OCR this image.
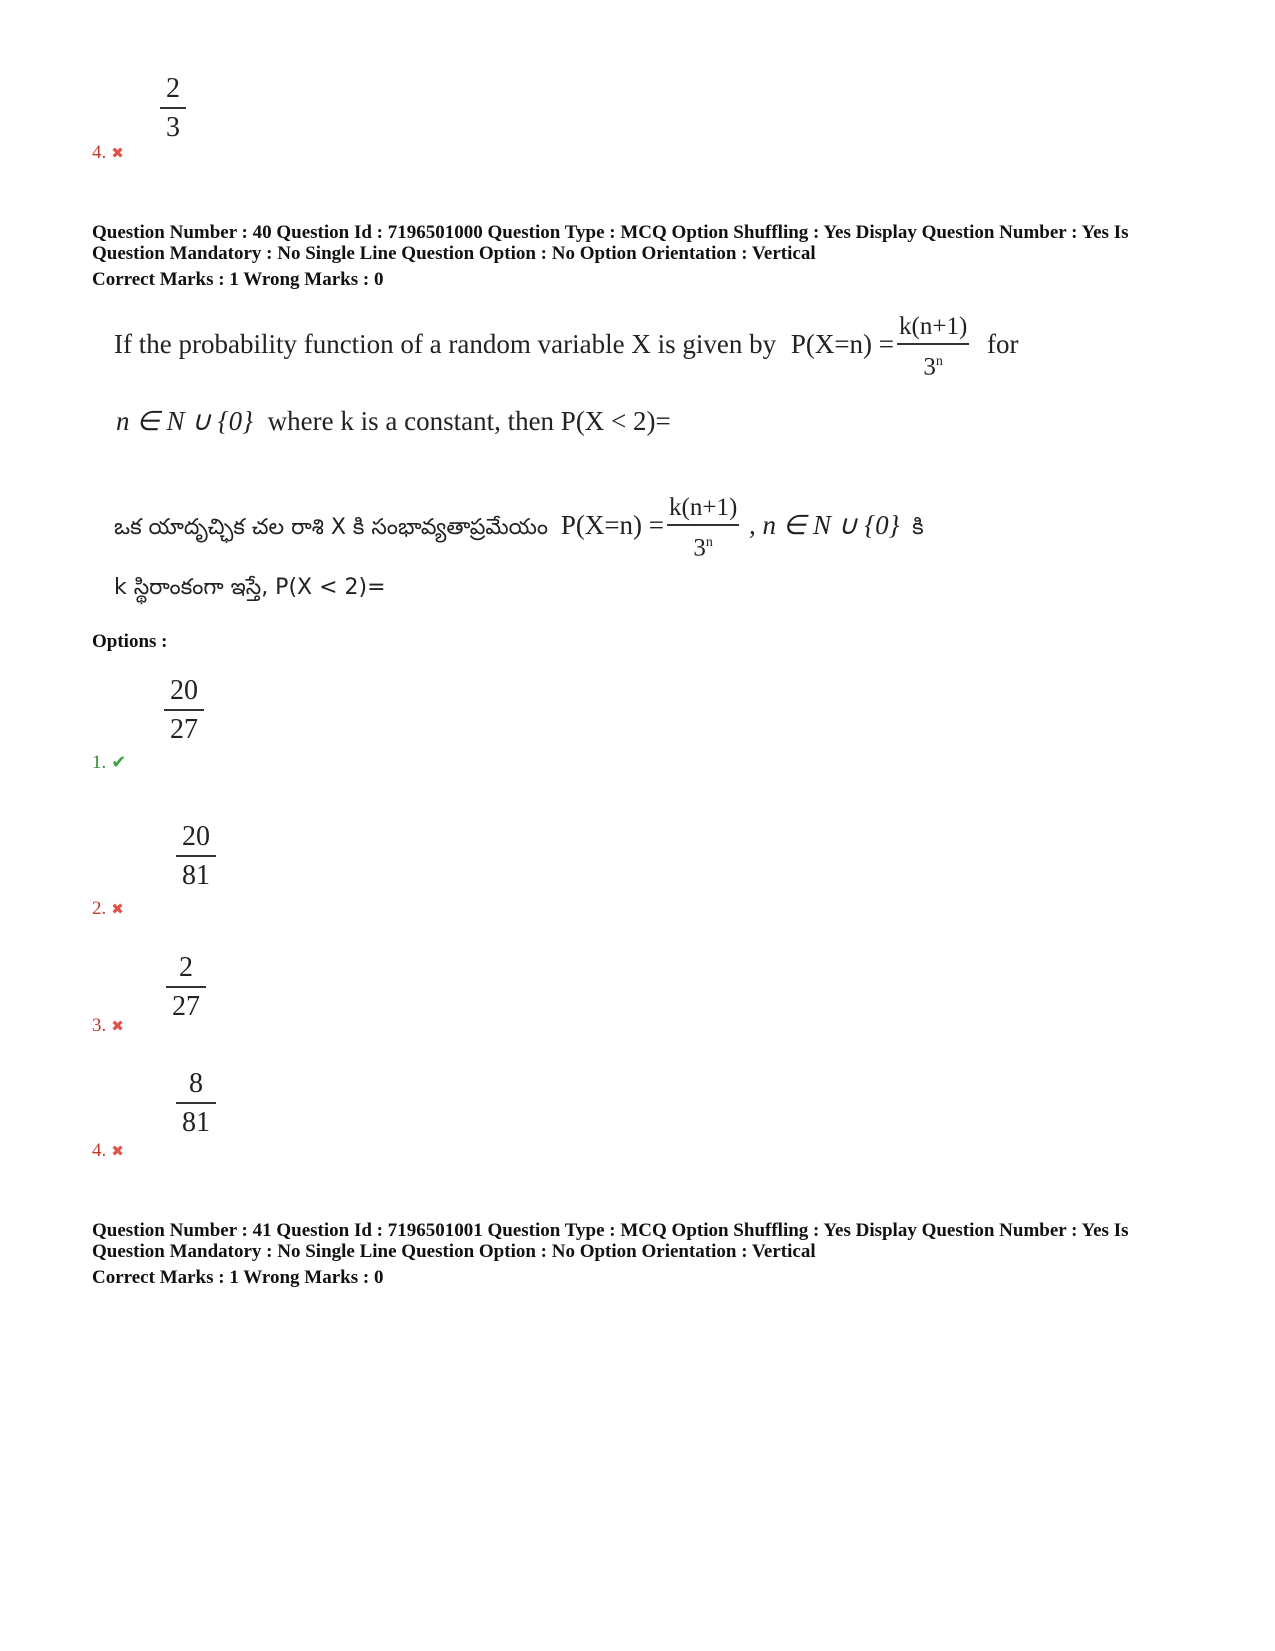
2
3
4. ✖
Question Number : 40 Question Id : 7196501000 Question Type : MCQ Option Shuffling : Yes Display Question Number : Yes Is
Question Mandatory : No Single Line Question Option : No Option Orientation : Vertical
Correct Marks : 1 Wrong Marks : 0
If the probability function of a random variable X is given by $P(X=n) = \frac{k(n+1)}{3^n}$ for
n ∈ N ∪ {0} where k is a constant, then P(X < 2)=
ఒక యాదృచ్ఛిక చల రాశి X కి సంభావ్యతాప్రమేయం $P(X=n) = \frac{k(n+1)}{3^n}$ , n ∈ N ∪ {0} కి
k స్థిరాంకంగా ఇస్తే, P(X < 2)=
Options :
20
27
1. ✔
20
81
2. ✖
2
27
3. ✖
8
81
4. ✖
Question Number : 41 Question Id : 7196501001 Question Type : MCQ Option Shuffling : Yes Display Question Number : Yes Is
Question Mandatory : No Single Line Question Option : No Option Orientation : Vertical
Correct Marks : 1 Wrong Marks : 0
